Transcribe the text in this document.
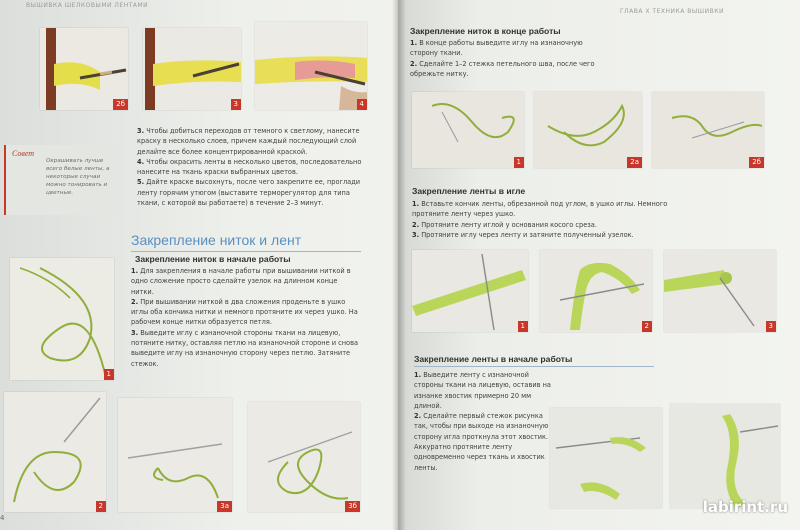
ВЫШИВКА ШЕЛКОВЫМИ ЛЕНТАМИ
2б	3	4
Совет
Окрашивать лучше всего белые ленты, а некоторые случаи можно тонировать и цветные.
3. Чтобы добиться переходов от темного к светлому, нанесите краску в несколько слоев, причем каждый последующий слой делайте все более концентрированной краской.
4. Чтобы окрасить ленты в несколько цветов, последовательно нанесите на ткань краски выбранных цветов.
5. Дайте краске высохнуть, после чего закрепите ее, проглади ленту горячим утюгом (выставите терморегулятор для типа ткани, с которой вы работаете) в течение 2–3 минут.
Закрепление ниток и лент
Закрепление ниток в начале работы
1. Для закрепления в начале работы при вышивании ниткой в одно сложение просто сделайте узелок на длинном конце нитки.
2. При вышивании ниткой в два сложения проденьте в ушко иглы оба кончика нитки и немного протяните их через ушко. На рабочем конце нитки образуется петля.
3. Выведите иглу с изнаночной стороны ткани на лицевую, потяните нитку, оставляя петлю на изнаночной стороне и снова выведите иглу на изнаночную сторону через петлю. Затяните стежок.
1
2	3а	3б
4
ГЛАВА X ТЕХНИКА ВЫШИВКИ
Закрепление ниток в конце работы
1. В конце работы выведите иглу на изнаночную сторону ткани.
2. Сделайте 1–2 стежка петельного шва, после чего обрежьте нитку.
1	2а	2б
Закрепление ленты в игле
1. Вставьте кончик ленты, обрезанной под углом, в ушко иглы. Немного протяните ленту через ушко.
2. Протяните ленту иглой у основания косого среза.
3. Протяните иглу через ленту и затяните полученный узелок.
1	2	3
Закрепление ленты в начале работы
1. Выведите ленту с изнаночной стороны ткани на лицевую, оставив на изнанке хвостик примерно 20 мм длиной.
2. Сделайте первый стежок рисунка так, чтобы при выходе на изнаночную сторону игла проткнула этот хвостик. Аккуратно протяните ленту одновременно через ткань и хвостик ленты.
labirint.ru
